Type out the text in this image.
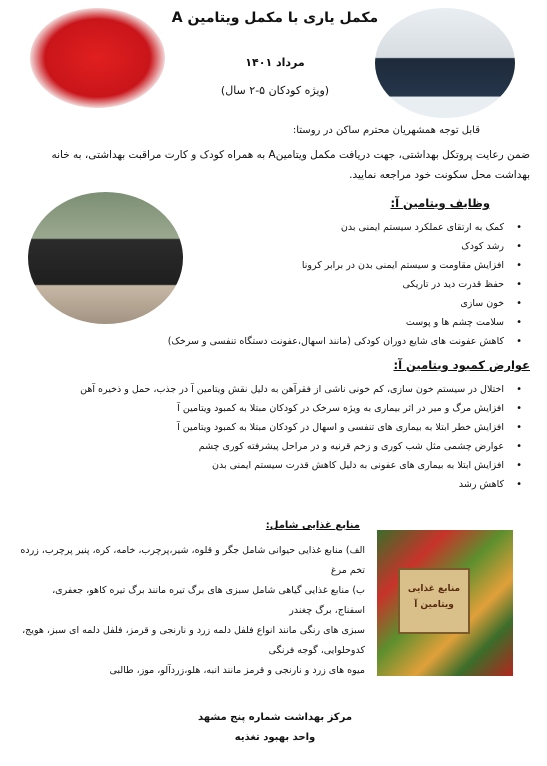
مکمل یاری با مکمل ویتامین A
مرداد ۱۴۰۱
(ویژه کودکان ۵-۲ سال)
قابل توجه همشهریان محترم ساکن در روستا:
ضمن رعایت پروتکل بهداشتی، جهت دریافت مکمل ویتامینA به همراه کودک و کارت مراقبت بهداشتی، به خانه بهداشت محل سکونت خود مراجعه نمایید.
وظایف ویتامین آ:
• کمک به ارتقای عملکرد سیستم ایمنی بدن
• رشد کودک
• افزایش مقاومت و سیستم ایمنی بدن در برابر کرونا
• حفظ قدرت دید در تاریکی
• خون سازی
• سلامت چشم ها و پوست
• کاهش عفونت های شایع دوران کودکی (مانند اسهال،عفونت دستگاه تنفسی و سرخک)
عوارض کمبود ویتامین آ:
• اختلال در سیستم خون سازی، کم خونی ناشی از فقرآهن به دلیل نقش ویتامین آ در جذب، حمل و ذخیره آهن
• افزایش مرگ و میر در اثر بیماری به ویژه سرخک در کودکان مبتلا به کمبود ویتامین آ
• افزایش خطر ابتلا به بیماری های تنفسی و اسهال در کودکان مبتلا به کمبود ویتامین آ
• عوارض چشمی مثل شب کوری و زخم قرنیه و در مراحل پیشرفته کوری چشم
• افزایش ابتلا به بیماری های عفونی به دلیل کاهش قدرت سیستم ایمنی بدن
• کاهش رشد
منابع غذایی
ویتامین آ
منابع غذایی شامل:

الف) منابع غذایی حیوانی شامل جگر و قلوه، شیر،پرچرب، خامه، کره، پنیر پرچرب، زرده تخم مرغ

ب) منابع غذایی گیاهی شامل سبزی های برگ تیره مانند برگ تیره کاهو، جعفری، اسفناج، برگ چغندر

سبزی های رنگی مانند انواع فلفل دلمه زرد و نارنجی و قرمز، فلفل دلمه ای سبز، هویج، کدوحلوایی، گوجه فرنگی

میوه های زرد و نارنجی و قرمز مانند انبه، هلو،زردآلو، موز، طالبی

مرکز بهداشت شماره پنج مشهد
واحد بهبود تغذیه
